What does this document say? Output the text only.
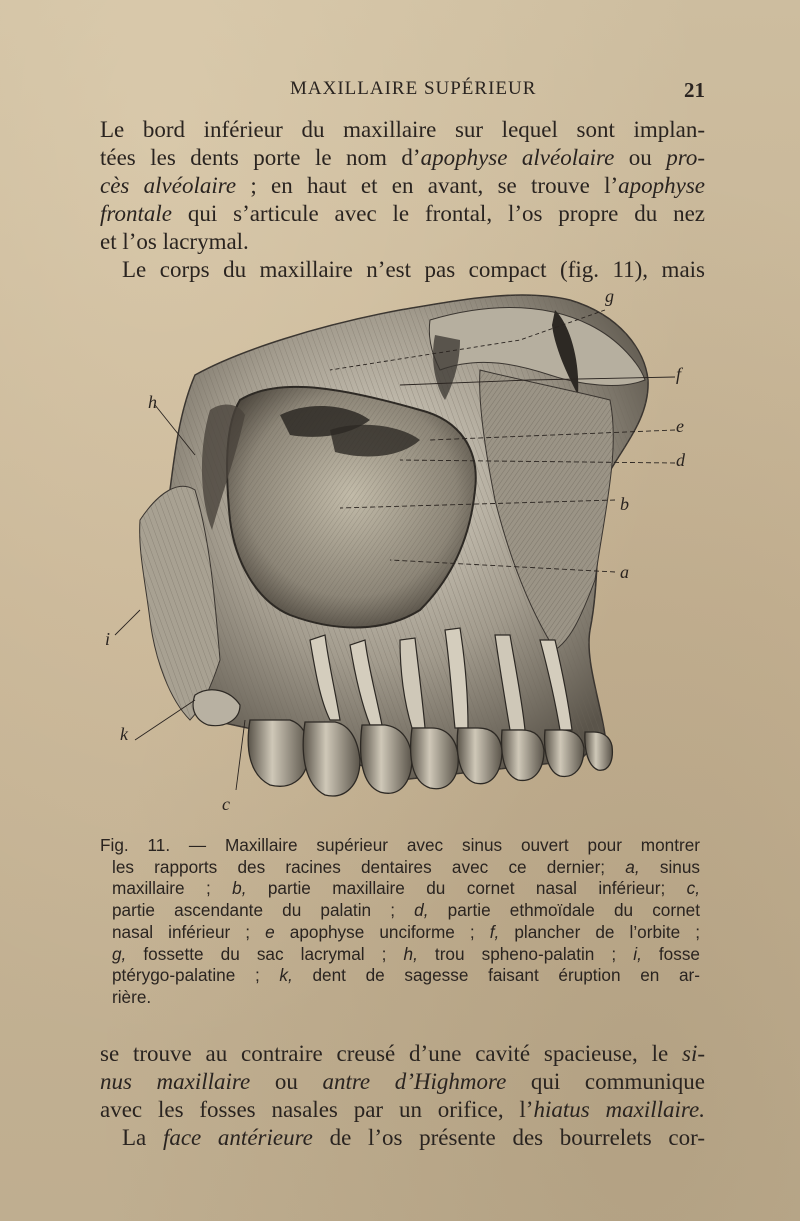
MAXILLAIRE SUPÉRIEUR	21
Le bord inférieur du maxillaire sur lequel sont implan-
tées les dents porte le nom d’apophyse alvéolaire ou pro-
cès alvéolaire ; en haut et en avant, se trouve l’apophyse
frontale qui s’articule avec le frontal, l’os propre du nez
et l’os lacrymal.
Le corps du maxillaire n’est pas compact (fig. 11), mais
g
f
e
d
b
a
h
i
k
c
Fig. 11. — Maxillaire supérieur avec sinus ouvert pour montrer
les rapports des racines dentaires avec ce dernier; a, sinus
maxillaire ; b, partie maxillaire du cornet nasal inférieur; c,
partie ascendante du palatin ; d, partie ethmoïdale du cornet
nasal inférieur ; e apophyse unciforme ; f, plancher de l’orbite ;
g, fossette du sac lacrymal ; h, trou spheno-palatin ; i, fosse
ptérygo-palatine ; k, dent de sagesse faisant éruption en ar-
rière.
se trouve au contraire creusé d’une cavité spacieuse, le si-
nus maxillaire ou antre d’Highmore qui communique
avec les fosses nasales par un orifice, l’hiatus maxillaire.
La face antérieure de l’os présente des bourrelets cor-
